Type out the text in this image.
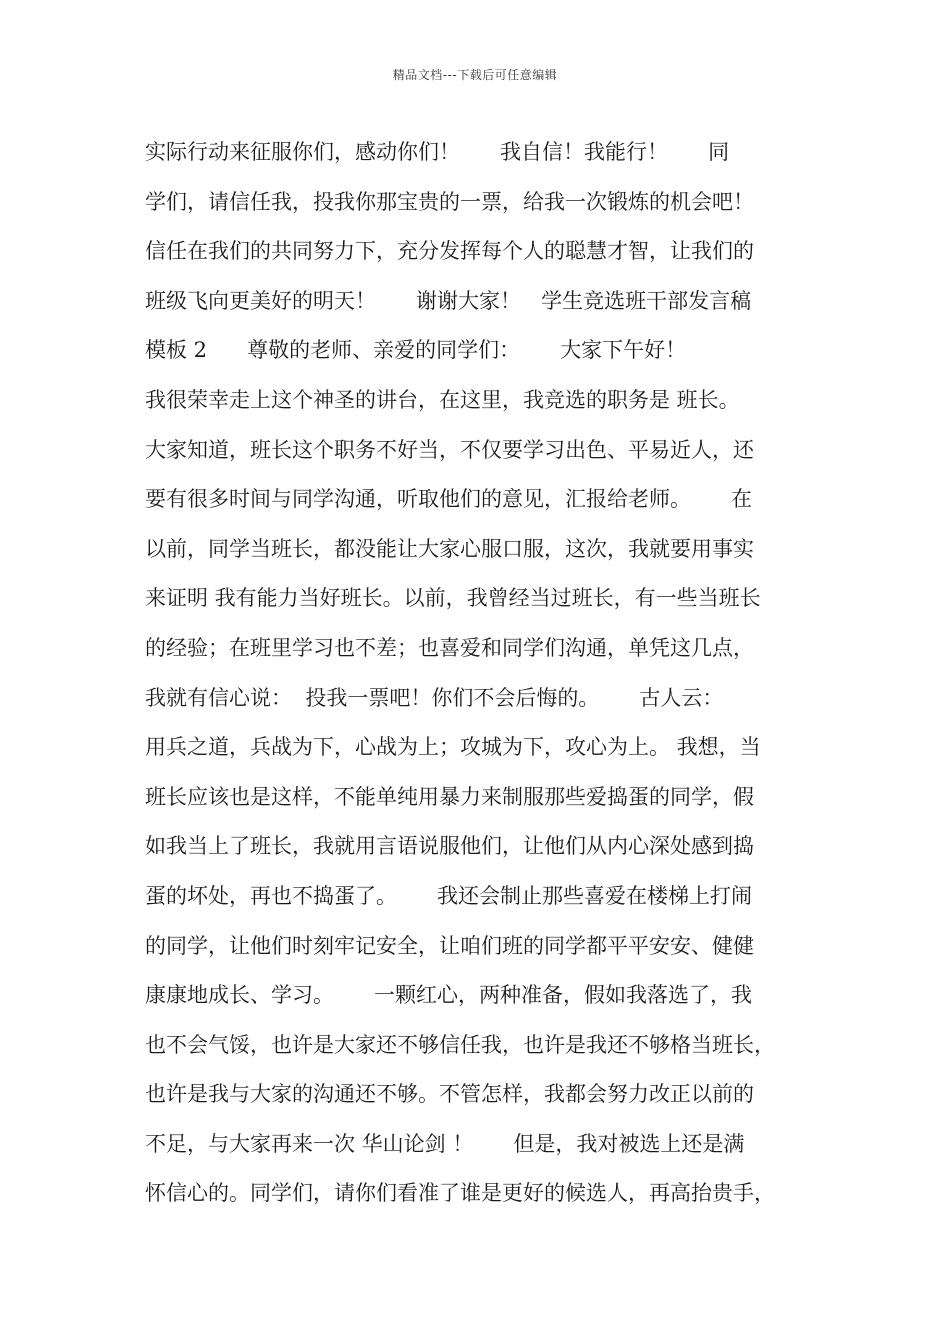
精品文档---下载后可任意编辑
实际行动来征服你们，感动你们！      我自信！我能行！      同
学们，请信任我，投我你那宝贵的一票，给我一次锻炼的机会吧！
信任在我们的共同努力下，充分发挥每个人的聪慧才智，让我们的
班级飞向更美好的明天！      谢谢大家！   学生竞选班干部发言稿
模板 2      尊敬的老师、亲爱的同学们：      大家下午好！
我很荣幸走上这个神圣的讲台，在这里，我竞选的职务是 班长。
大家知道，班长这个职务不好当，不仅要学习出色、平易近人，还
要有很多时间与同学沟通，听取他们的意见，汇报给老师。      在
以前，同学当班长，都没能让大家心服口服，这次，我就要用事实
来证明 我有能力当好班长。以前，我曾经当过班长，有一些当班长
的经验；在班里学习也不差；也喜爱和同学们沟通，单凭这几点，
我就有信心说：  投我一票吧！你们不会后悔的。      古人云：
用兵之道，兵战为下，心战为上；攻城为下，攻心为上。 我想，当
班长应该也是这样，不能单纯用暴力来制服那些爱捣蛋的同学，假
如我当上了班长，我就用言语说服他们，让他们从内心深处感到捣
蛋的坏处，再也不捣蛋了。      我还会制止那些喜爱在楼梯上打闹
的同学，让他们时刻牢记安全，让咱们班的同学都平平安安、健健
康康地成长、学习。      一颗红心，两种准备，假如我落选了，我
也不会气馁，也许是大家还不够信任我，也许是我还不够格当班长，
也许是我与大家的沟通还不够。不管怎样，我都会努力改正以前的
不足，与大家再来一次 华山论剑 ！      但是，我对被选上还是满
怀信心的。同学们，请你们看准了谁是更好的候选人，再高抬贵手，
